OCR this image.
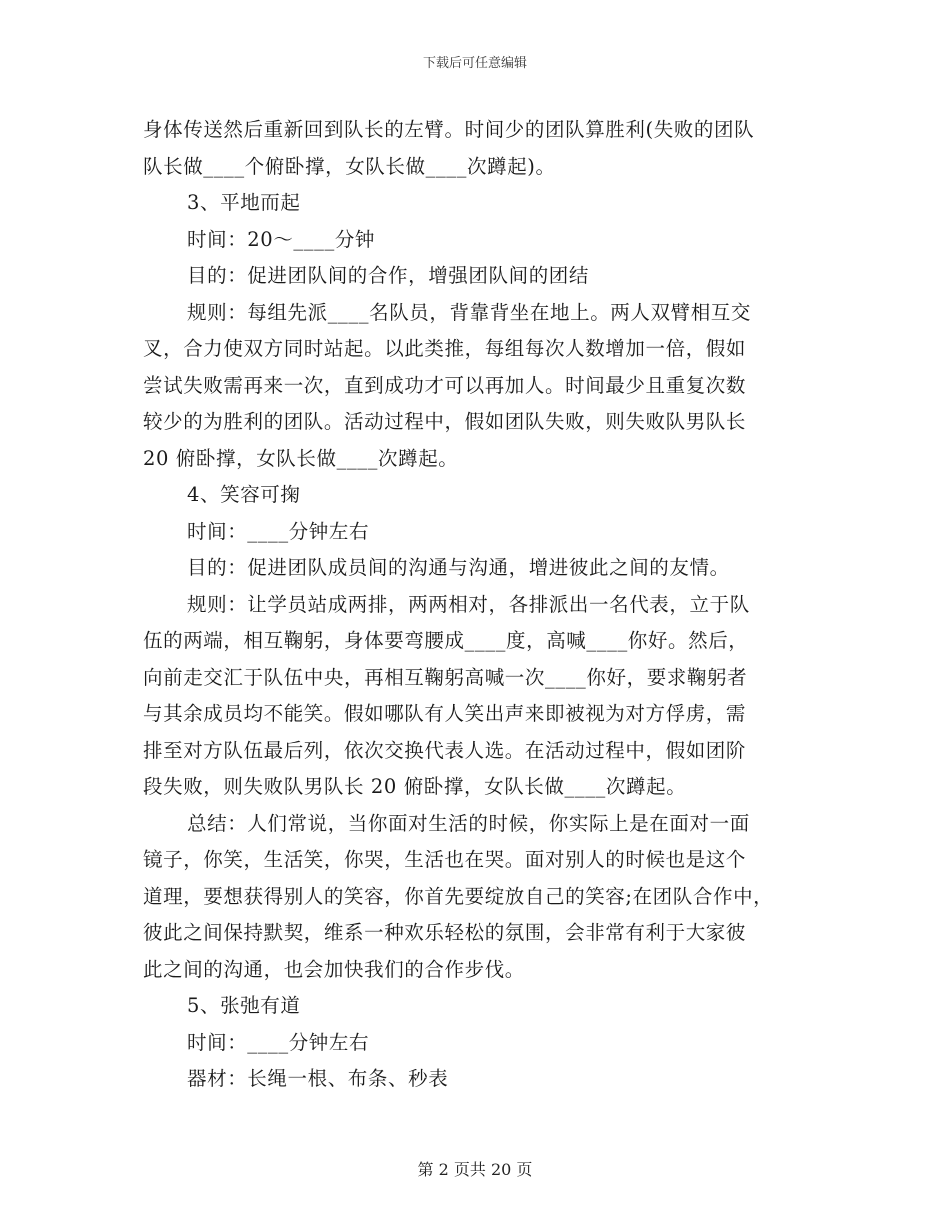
下载后可任意编辑
身体传送然后重新回到队长的左臂。时间少的团队算胜利(失败的团队
队长做____个俯卧撑，女队长做____次蹲起)。
3、平地而起
时间：20～____分钟
目的：促进团队间的合作，增强团队间的团结
规则：每组先派____名队员，背靠背坐在地上。两人双臂相互交
叉，合力使双方同时站起。以此类推，每组每次人数增加一倍，假如
尝试失败需再来一次，直到成功才可以再加人。时间最少且重复次数
较少的为胜利的团队。活动过程中，假如团队失败，则失败队男队长
20 俯卧撑，女队长做____次蹲起。
4、笑容可掬
时间：____分钟左右
目的：促进团队成员间的沟通与沟通，增进彼此之间的友情。
规则：让学员站成两排，两两相对，各排派出一名代表，立于队
伍的两端，相互鞠躬，身体要弯腰成____度，高喊____你好。然后，
向前走交汇于队伍中央，再相互鞠躬高喊一次____你好，要求鞠躬者
与其余成员均不能笑。假如哪队有人笑出声来即被视为对方俘虏，需
排至对方队伍最后列，依次交换代表人选。在活动过程中，假如团阶
段失败，则失败队男队长 20 俯卧撑，女队长做____次蹲起。
总结：人们常说，当你面对生活的时候，你实际上是在面对一面
镜子，你笑，生活笑，你哭，生活也在哭。面对别人的时候也是这个
道理，要想获得别人的笑容，你首先要绽放自己的笑容;在团队合作中，
彼此之间保持默契，维系一种欢乐轻松的氛围，会非常有利于大家彼
此之间的沟通，也会加快我们的合作步伐。
5、张弛有道
时间：____分钟左右
器材：长绳一根、布条、秒表
第 2 页共 20 页
